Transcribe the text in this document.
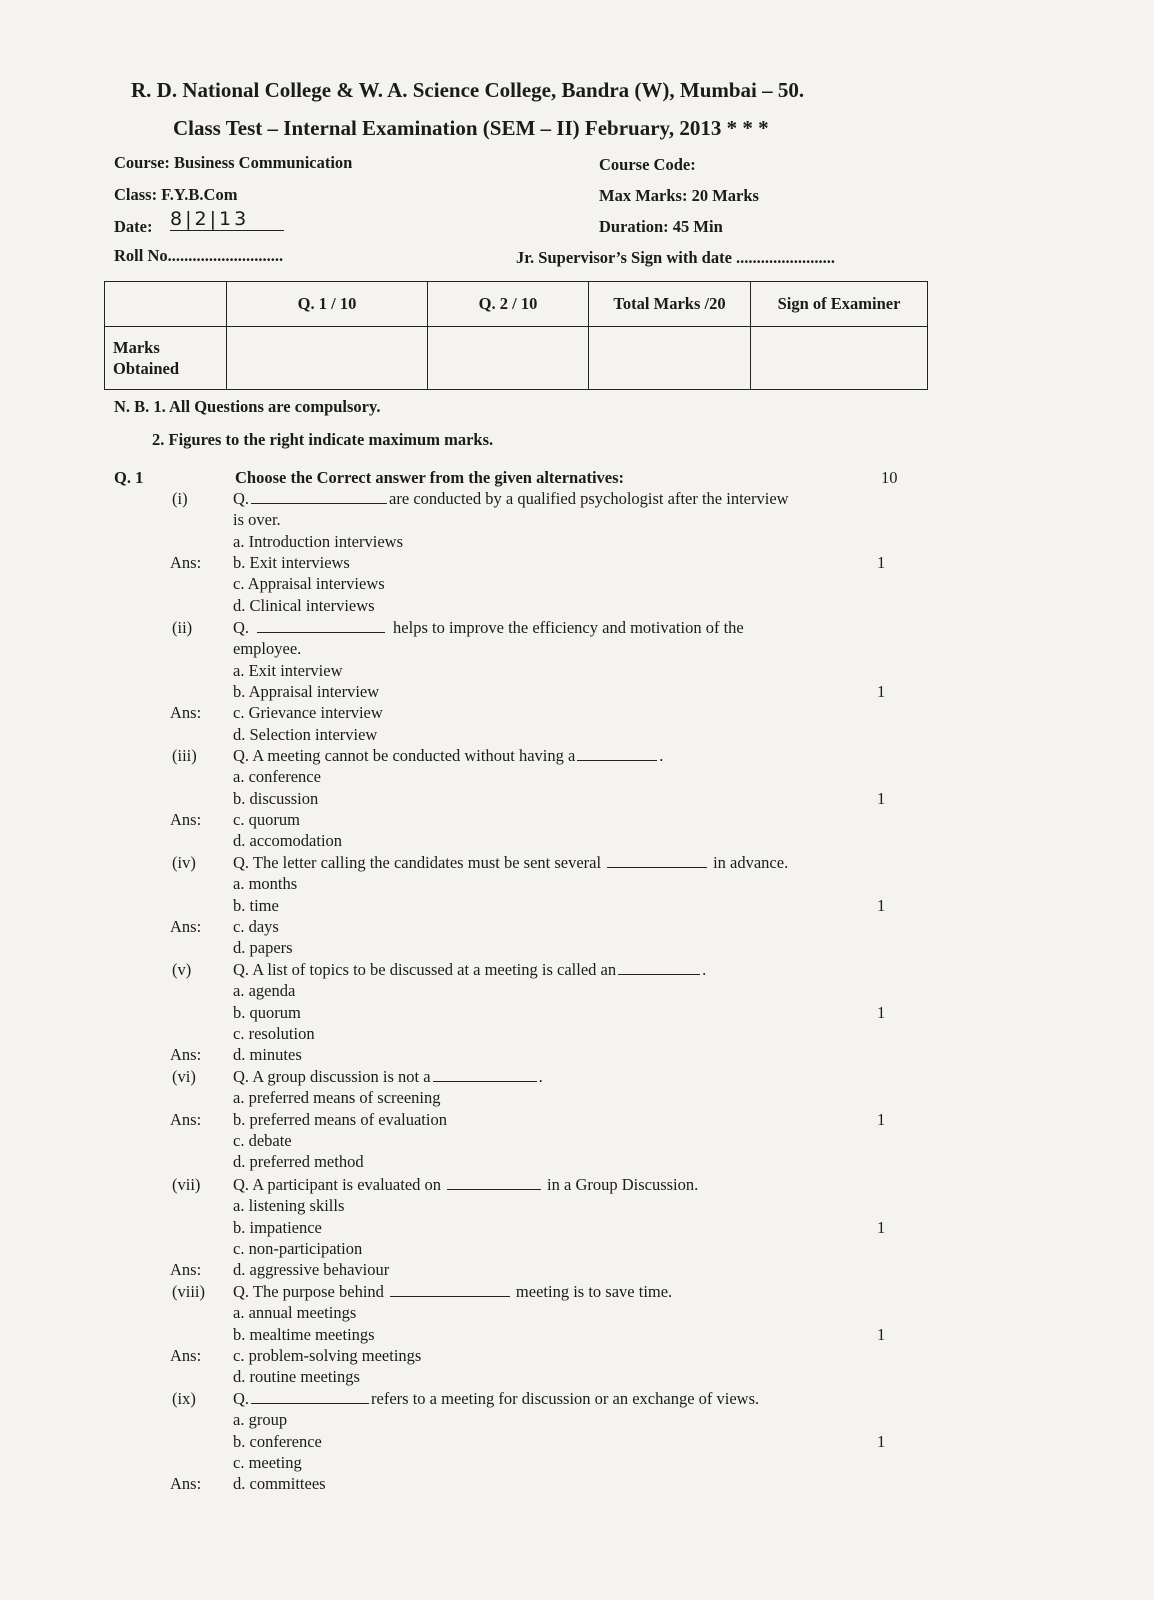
R. D. National College & W. A. Science College, Bandra (W), Mumbai – 50.
Class Test – Internal Examination (SEM – II) February, 2013 * * *
Course: Business Communication	Course Code:
Class: F.Y.B.Com	Max Marks: 20 Marks
Date: 8|2|13	Duration: 45 Min
Roll No............................	Jr. Supervisor’s Sign with date ........................
	Q. 1 / 10	Q. 2 / 10	Total Marks /20	Sign of Examiner
Marks Obtained				
N. B. 1. All Questions are compulsory.
2. Figures to the right indicate maximum marks.
Q. 1	Choose the Correct answer from the given alternatives:	10
(i)	Q.	are conducted by a qualified psychologist after the interview
is over.
a. Introduction interviews
b. Exit interviews
Ans:	1
c. Appraisal interviews
d. Clinical interviews
(ii) Q.	helps to improve the efficiency and motivation of the
employee.
a. Exit interview
b. Appraisal interview	1
c. Grievance interview
Ans:
d. Selection interview
(iii) Q. A meeting cannot be conducted without having a	.
a. conference
b. discussion	1
c. quorum
Ans:
d. accomodation
(iv) Q. The letter calling the candidates must be sent several	in advance.
a. months
b. time	1
c. days
Ans:
d. papers
(v)	Q. A list of topics to be discussed at a meeting is called an	.
a. agenda
b. quorum	1
c. resolution
d. minutes
Ans:
(vi) Q. A group discussion is not a	.
a. preferred means of screening
b. preferred means of evaluation
Ans:	1
c. debate
d. preferred method
(vii) Q. A participant is evaluated on	in a Group Discussion.
a. listening skills
b. impatience	1
c. non-participation
d. aggressive behaviour
Ans:
(viii) Q. The purpose behind	meeting is to save time.
a. annual meetings
b. mealtime meetings	1
c. problem-solving meetings
Ans:
d. routine meetings
(ix) Q.	refers to a meeting for discussion or an exchange of views.
a. group
b. conference	1
c. meeting
d. committees
Ans:
